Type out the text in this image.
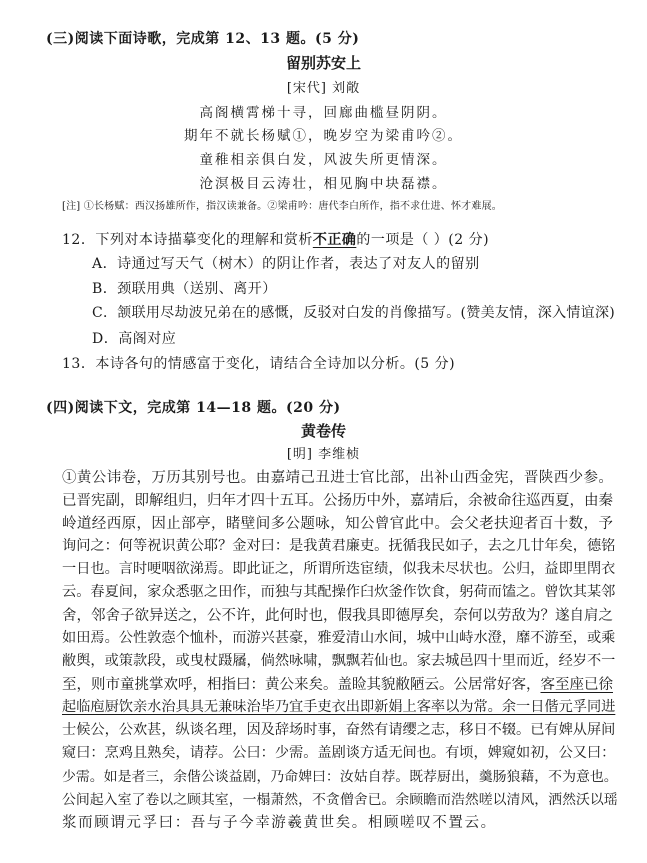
(三)阅读下面诗歌，完成第 12、13 题。(5 分)
留别苏安上
[宋代] 刘敞
高阁横霄梯十寻，回廊曲槛昼阴阴。
期年不就长杨赋①，晚岁空为梁甫吟②。
童稚相亲俱白发，风波失所更情深。
沧溟极目云涛壮，相见胸中块磊襟。
[注] ①长杨赋：西汉扬雄所作，指汉读兼备。②梁甫吟：唐代李白所作，指不求仕进、怀才难展。
12．下列对本诗描摹变化的理解和赏析不正确的一项是（ ）(2 分)
A．诗通过写天气（树木）的阴让作者，表达了对友人的留别
B．颈联用典（送别、离开）
C．颔联用尽劫波兄弟在的感慨，反驳对白发的肖像描写。(赞美友情，深入情谊深)
D．高阁对应
13．本诗各句的情感富于变化，请结合全诗加以分析。(5 分)
(四)阅读下文，完成第 14—18 题。(20 分)
黄卷传
[明] 李维桢
①黄公讳卷，万历其别号也。由嘉靖己丑进士官比部，出补山西金宪，晋陕西少参。
已晋宪副，即解组归，归年才四十五耳。公扬历中外，嘉靖后，余被命往巡西夏，由秦
岭道经西原，因止部亭，睹壁间多公题咏，知公曾官此中。会父老扶迎者百十数，予
询问之：何等祝识黄公耶？金对曰：是我黄君廉吏。抚循我民如子，去之几廿年矣，德铭
一日也。言时哽咽欲涕焉。即此证之，所谓所迭宦绩，似我未尽状也。公归，益即里閈衣
云。春夏间，家众悉驱之田作，而独与其配操作臼炊釜作饮食，躬荷而馌之。曾饮其某邻
舍，邻舍子欲异送之，公不许，此何时也，假我具即德厚矣，奈何以劳敌为？遂自肩之
如田焉。公性敦悫个恤朴，而游兴甚豪，雅爱清山水间，城中山峙水澄，靡不游至，或乘
敝舆，或策款段，或曳杖蹑屩，倘然咏啸，飘飘若仙也。家去城邑四十里而近，经岁不一
至，则市童挑掌欢呼，相指曰：黄公来矣。盖睑其貌敝陋云。公居常好客，客至座已徐
起临庖厨饮亲水治具具无兼味治毕乃宜手吏衣出即新娟上客率以为常。余一日偕元孚同进
士候公，公欢甚，纵谈名理，因及辞场时事，奋然有请缨之志，移日不辍。已有婢从屏间
窥曰：烹鸡且熟矣，请荐。公曰：少需。盖剧谈方适无间也。有顷，婢窥如初，公又曰：
少需。如是者三，余偕公谈益剧，乃命婢曰：汝姑自荐。既荐厨出，羹肠狼藉，不为意也。
公间起入室了卷以之顾其室，一榻萧然，不贪僧舍已。余顾瞻而浩然嗟以清风，洒然沃以瑶
浆而顾谓元孚曰：吾与子今幸游羲黄世矣。相顾嗟叹不置云。
